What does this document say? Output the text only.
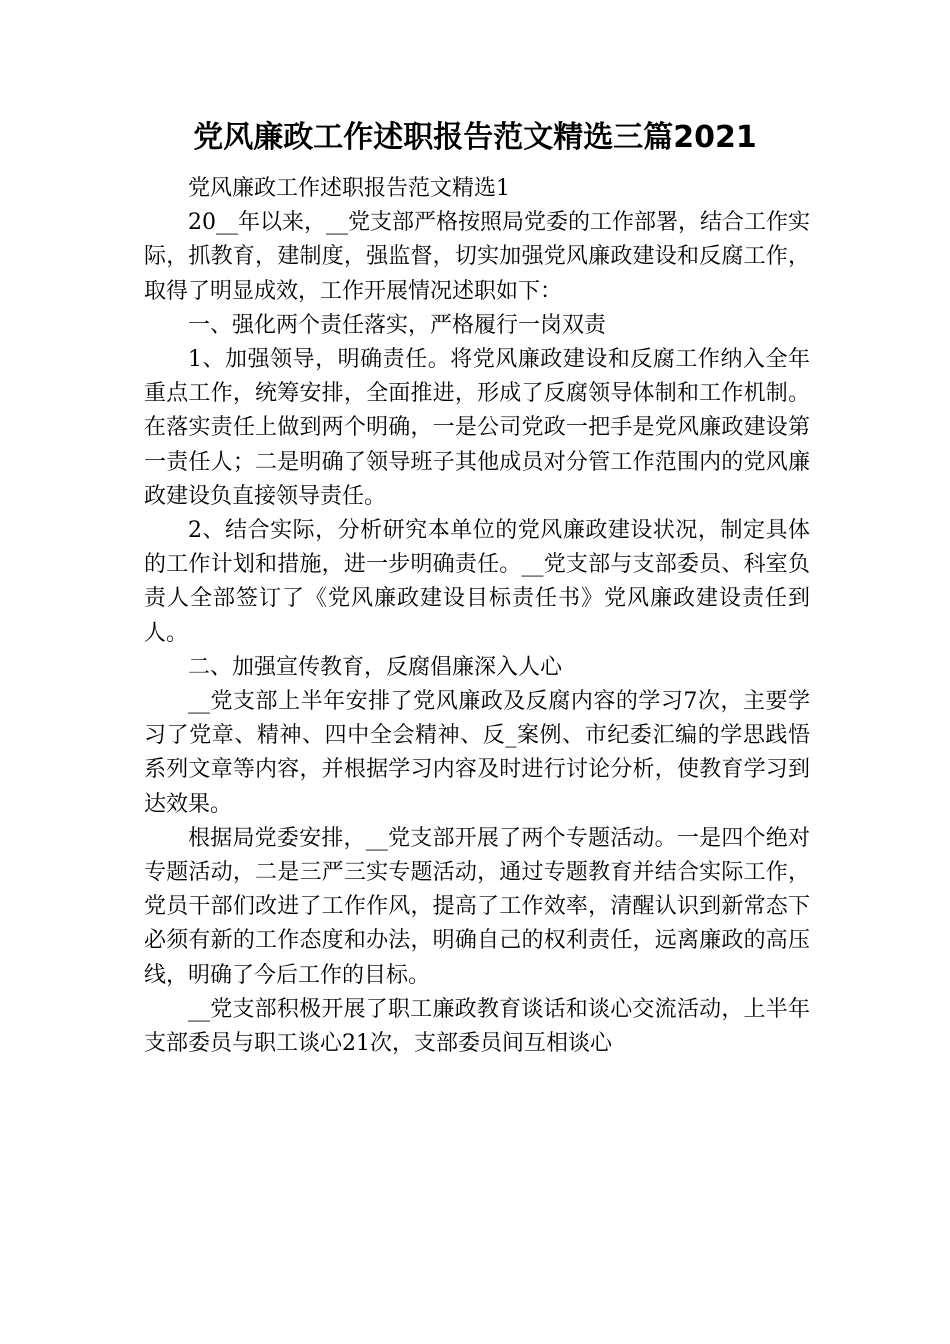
党风廉政工作述职报告范文精选三篇2021

党风廉政工作述职报告范文精选1

20__年以来，__党支部严格按照局党委的工作部署，结合工作实际，抓教育，建制度，强监督，切实加强党风廉政建设和反腐工作，取得了明显成效，工作开展情况述职如下：

一、强化两个责任落实，严格履行一岗双责

1、加强领导，明确责任。将党风廉政建设和反腐工作纳入全年重点工作，统筹安排，全面推进，形成了反腐领导体制和工作机制。在落实责任上做到两个明确，一是公司党政一把手是党风廉政建设第一责任人；二是明确了领导班子其他成员对分管工作范围内的党风廉政建设负直接领导责任。

2、结合实际，分析研究本单位的党风廉政建设状况，制定具体的工作计划和措施，进一步明确责任。__党支部与支部委员、科室负责人全部签订了《党风廉政建设目标责任书》党风廉政建设责任到人。

二、加强宣传教育，反腐倡廉深入人心

__党支部上半年安排了党风廉政及反腐内容的学习7次，主要学习了党章、精神、四中全会精神、反_案例、市纪委汇编的学思践悟系列文章等内容，并根据学习内容及时进行讨论分析，使教育学习到达效果。

根据局党委安排，__党支部开展了两个专题活动。一是四个绝对专题活动，二是三严三实专题活动，通过专题教育并结合实际工作，党员干部们改进了工作作风，提高了工作效率，清醒认识到新常态下必须有新的工作态度和办法，明确自己的权利责任，远离廉政的高压线，明确了今后工作的目标。

__党支部积极开展了职工廉政教育谈话和谈心交流活动，上半年支部委员与职工谈心21次，支部委员间互相谈心
